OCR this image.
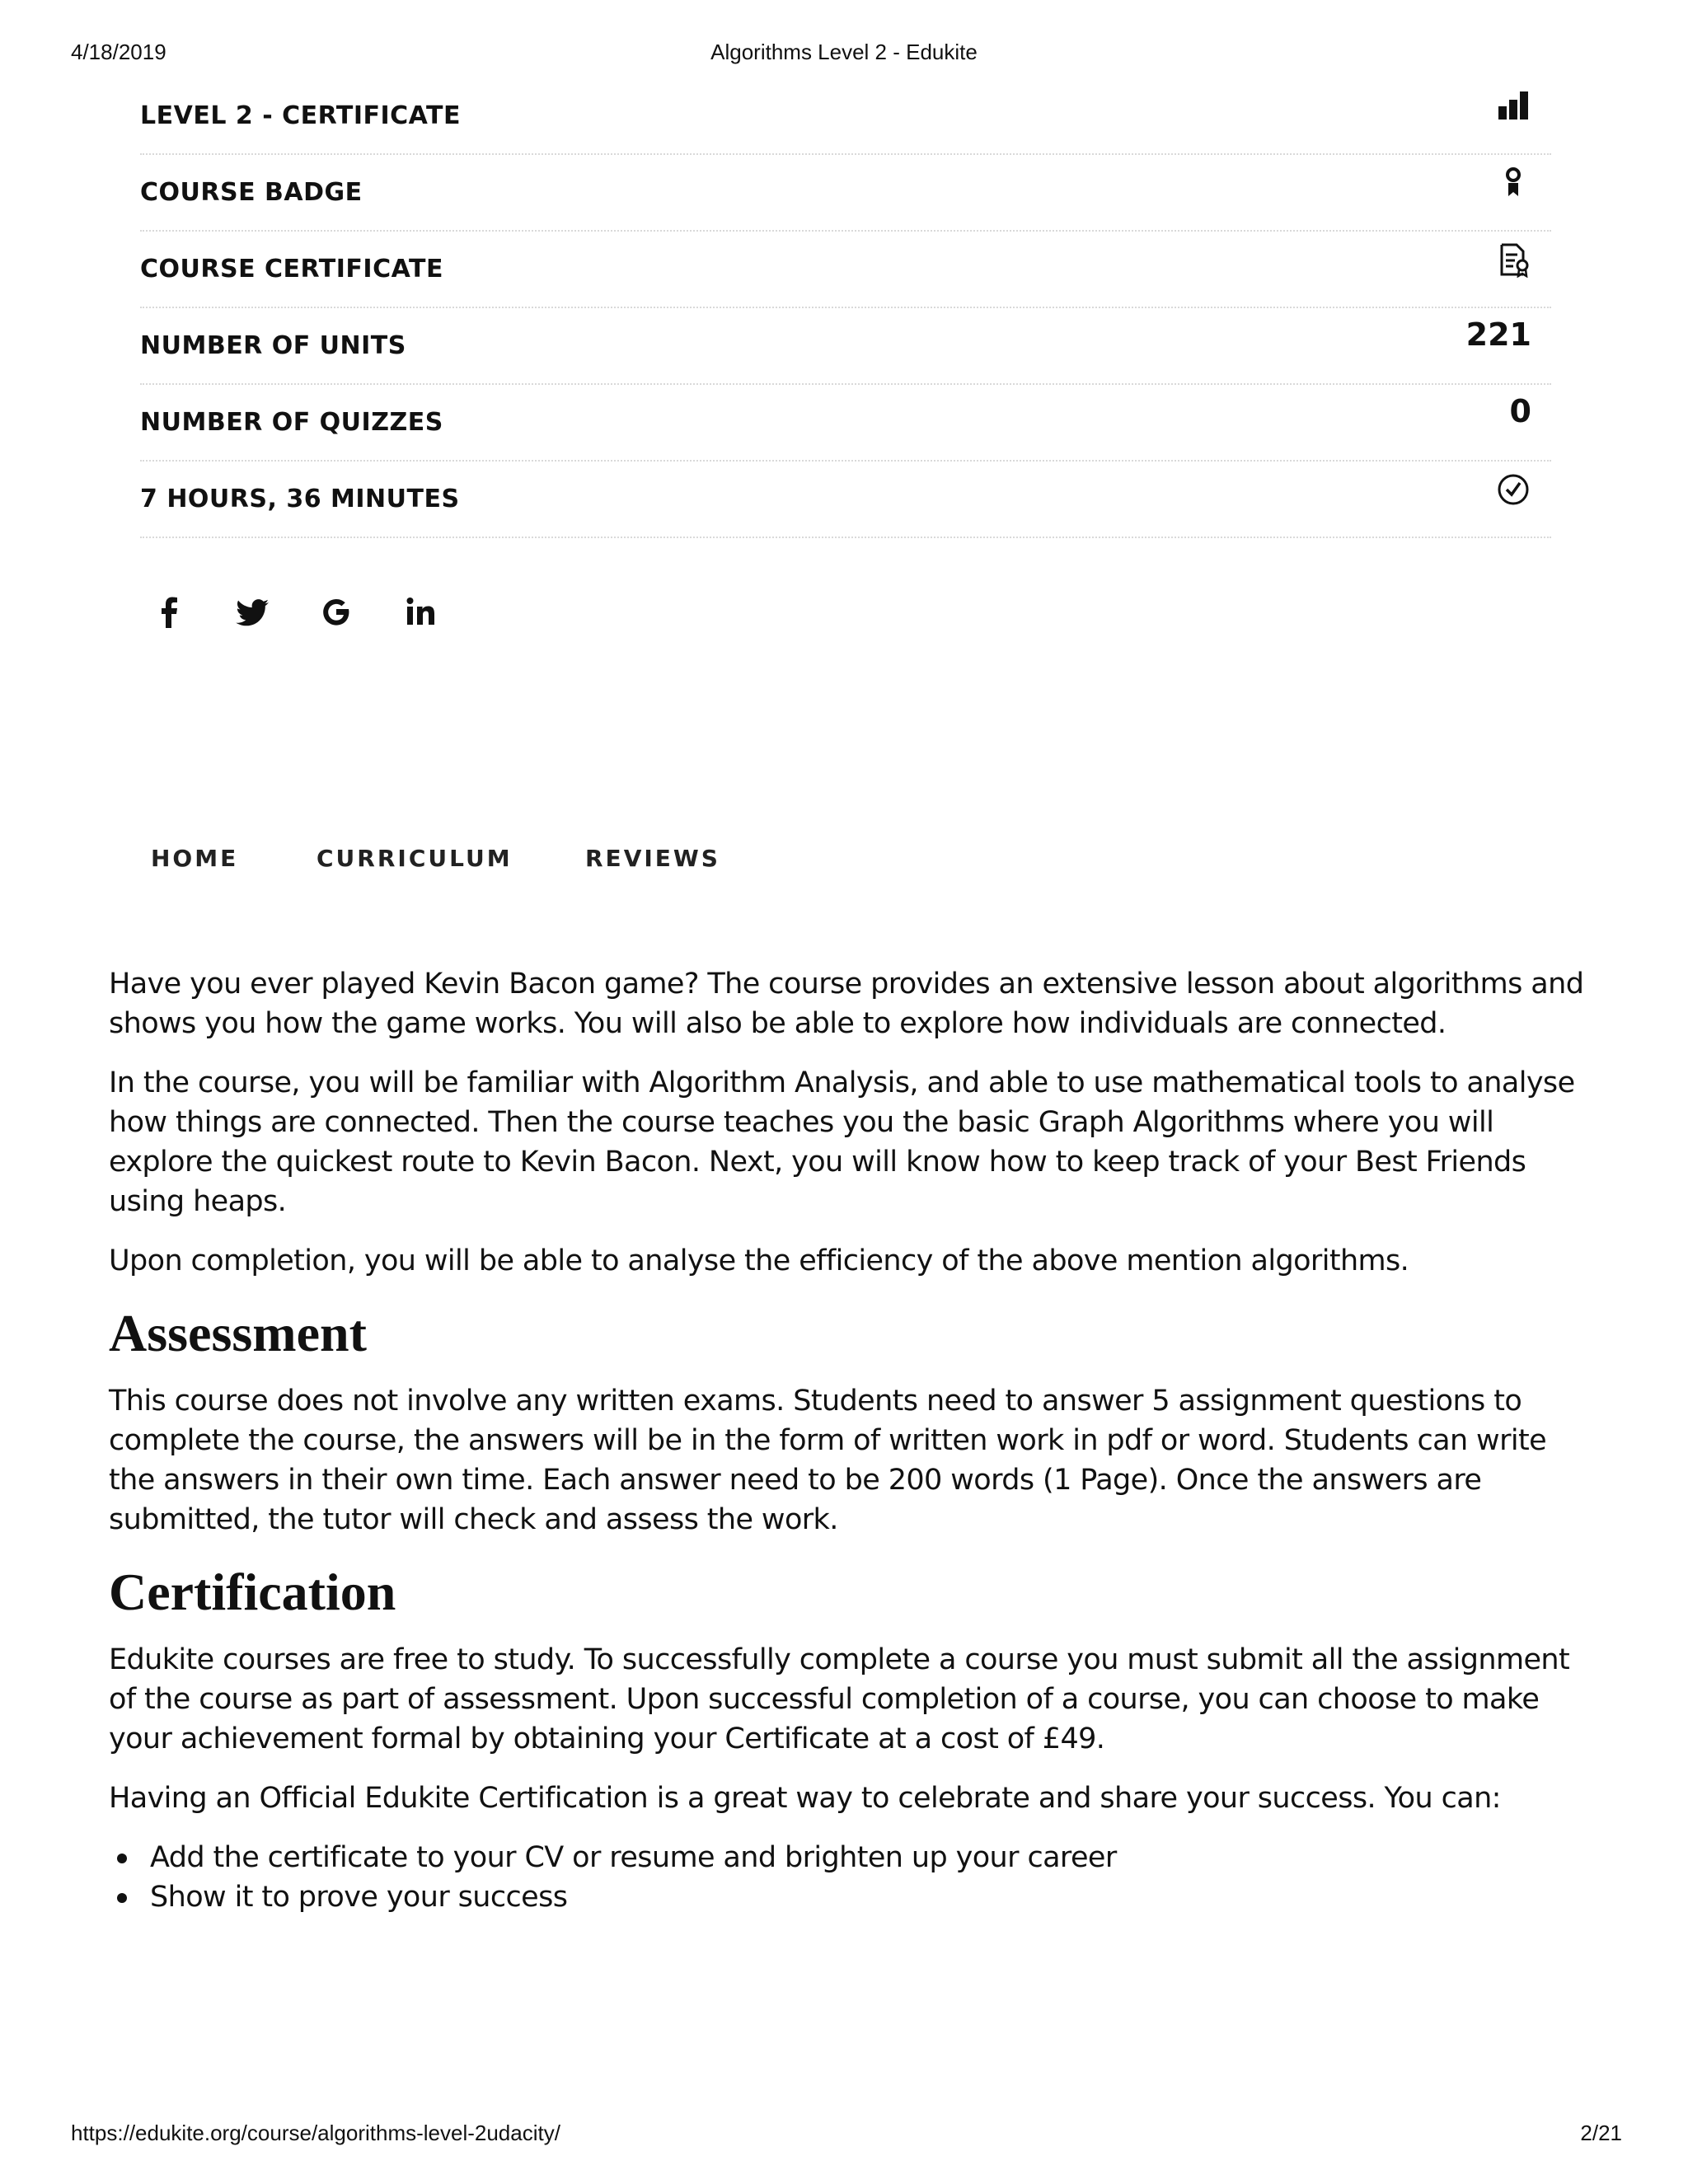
4/18/2019	Algorithms Level 2 - Edukite
LEVEL 2 - CERTIFICATE
COURSE BADGE
COURSE CERTIFICATE
NUMBER OF UNITS	221
NUMBER OF QUIZZES	0
7 HOURS, 36 MINUTES
HOME	CURRICULUM	REVIEWS

Have you ever played Kevin Bacon game? The course provides an extensive lesson about algorithms and shows you how the game works. You will also be able to explore how individuals are connected.

In the course, you will be familiar with Algorithm Analysis, and able to use mathematical tools to analyse how things are connected. Then the course teaches you the basic Graph Algorithms where you will explore the quickest route to Kevin Bacon. Next, you will know how to keep track of your Best Friends using heaps.

Upon completion, you will be able to analyse the efficiency of the above mention algorithms.

Assessment

This course does not involve any written exams. Students need to answer 5 assignment questions to complete the course, the answers will be in the form of written work in pdf or word. Students can write the answers in their own time. Each answer need to be 200 words (1 Page). Once the answers are submitted, the tutor will check and assess the work.

Certification

Edukite courses are free to study. To successfully complete a course you must submit all the assignment of the course as part of assessment. Upon successful completion of a course, you can choose to make your achievement formal by obtaining your Certificate at a cost of £49.

Having an Official Edukite Certification is a great way to celebrate and share your success. You can:

Add the certificate to your CV or resume and brighten up your career
Show it to prove your success
https://edukite.org/course/algorithms-level-2udacity/	2/21
